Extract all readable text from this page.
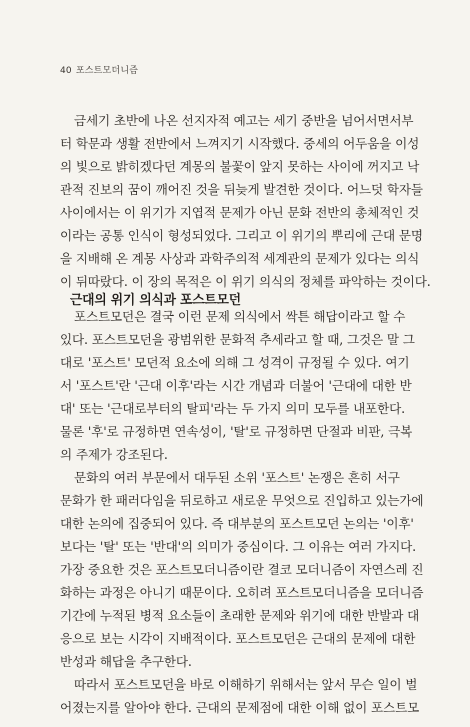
40 포스트모더니즘
금세기 초반에 나온 선지자적 예고는 세기 중반을 넘어서면서부
터 학문과 생활 전반에서 느껴지기 시작했다. 중세의 어두움을 이성
의 빛으로 밝히겠다던 계몽의 불꽃이 앞지 못하는 사이에 꺼지고 낙
관적 진보의 꿈이 깨어진 것을 뒤늦게 발견한 것이다. 어느덧 학자들
사이에서는 이 위기가 지엽적 문제가 아닌 문화 전반의 총체적인 것
이라는 공통 인식이 형성되었다. 그리고 이 위기의 뿌리에 근대 문명
을 지배해 온 계몽 사상과 과학주의적 세계관의 문제가 있다는 의식
이 뒤따랐다. 이 장의 목적은 이 위기 의식의 정체를 파악하는 것이다.
근대의 위기 의식과 포스트모던
포스트모던은 결국 이런 문제 의식에서 싹튼 해답이라고 할 수
있다. 포스트모던을 광범위한 문화적 추세라고 할 때, 그것은 말 그
대로 '포스트' 모던적 요소에 의해 그 성격이 규정될 수 있다. 여기
서 '포스트'란 '근대 이후'라는 시간 개념과 더불어 '근대에 대한 반
대' 또는 '근대로부터의 탈피'라는 두 가지 의미 모두를 내포한다.
물론 '후'로 규정하면 연속성이, '탈'로 규정하면 단절과 비판, 극복
의 주제가 강조된다.
문화의 여러 부문에서 대두된 소위 '포스트' 논쟁은 흔히 서구
문화가 한 패러다임을 뒤로하고 새로운 무엇으로 진입하고 있는가에
대한 논의에 집중되어 있다. 즉 대부분의 포스트모던 논의는 '이후'
보다는 '탈' 또는 '반대'의 의미가 중심이다. 그 이유는 여러 가지다.
가장 중요한 것은 포스트모더니즘이란 결코 모더니즘이 자연스레 진
화하는 과정은 아니기 때문이다. 오히려 포스트모더니즘을 모더니즘
기간에 누적된 병적 요소들이 초래한 문제와 위기에 대한 반발과 대
응으로 보는 시각이 지배적이다. 포스트모던은 근대의 문제에 대한
반성과 해답을 추구한다.
따라서 포스트모던을 바로 이해하기 위해서는 앞서 무슨 일이 벌
어졌는지를 알아야 한다. 근대의 문제점에 대한 이해 없이 포스트모
